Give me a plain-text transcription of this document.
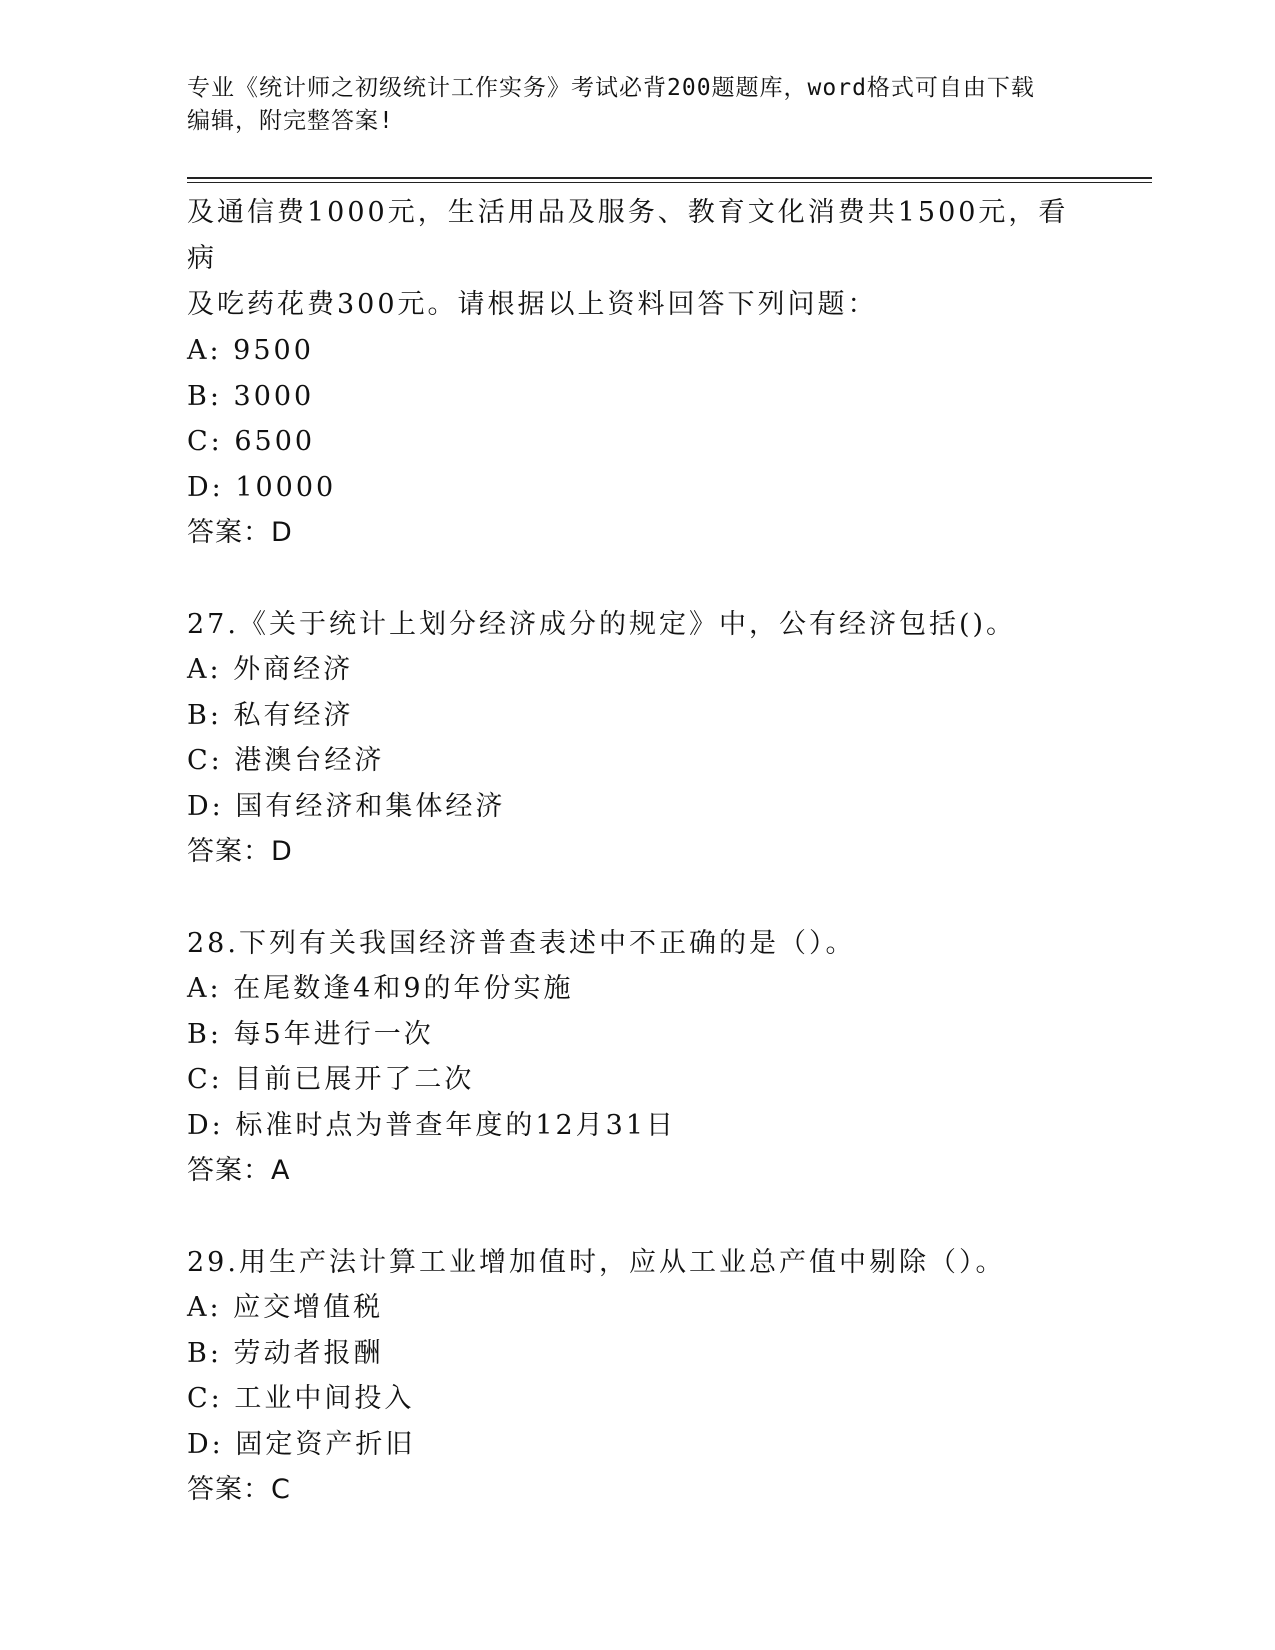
专业《统计师之初级统计工作实务》考试必背200题题库，word格式可自由下载
编辑，附完整答案!

及通信费1000元，生活用品及服务、教育文化消费共1500元，看病

及吃药花费300元。请根据以上资料回答下列问题：

A: 9500
B: 3000
C: 6500
D: 10000
答案：D
27.《关于统计上划分经济成分的规定》中，公有经济包括()。
A: 外商经济
B: 私有经济
C: 港澳台经济
D: 国有经济和集体经济
答案：D
28.下列有关我国经济普查表述中不正确的是（）。
A: 在尾数逢4和9的年份实施
B: 每5年进行一次
C: 目前已展开了二次
D: 标准时点为普查年度的12月31日
答案：A
29.用生产法计算工业增加值时，应从工业总产值中剔除（）。
A: 应交增值税
B: 劳动者报酬
C: 工业中间投入
D: 固定资产折旧
答案：C
